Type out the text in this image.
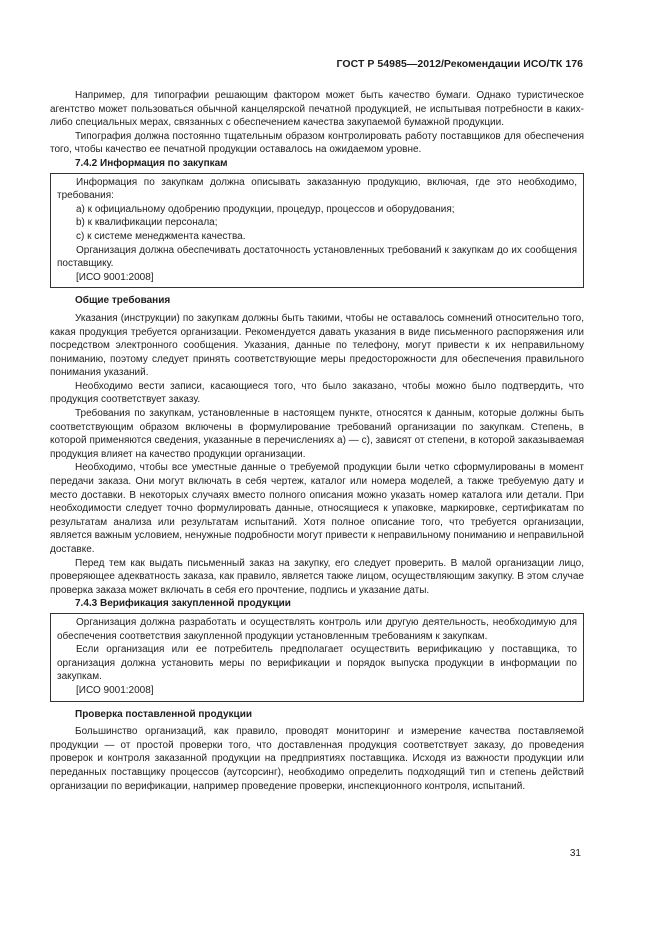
ГОСТ Р 54985—2012/Рекомендации ИСО/ТК 176

Например, для типографии решающим фактором может быть качество бумаги. Однако туристическое агентство может пользоваться обычной канцелярской печатной продукцией, не испытывая потребности в каких-либо специальных мерах, связанных с обеспечением качества закупаемой бумажной продукции.

Типография должна постоянно тщательным образом контролировать работу поставщиков для обеспечения того, чтобы качество ее печатной продукции оставалось на ожидаемом уровне.

7.4.2 Информация по закупкам

Информация по закупкам должна описывать заказанную продукцию, включая, где это необходимо, требования:

a) к официальному одобрению продукции, процедур, процессов и оборудования;

b) к квалификации персонала;

c) к системе менеджмента качества.

Организация должна обеспечивать достаточность установленных требований к закупкам до их сообщения поставщику.

[ИСО 9001:2008]

Общие требования

Указания (инструкции) по закупкам должны быть такими, чтобы не оставалось сомнений относительно того, какая продукция требуется организации. Рекомендуется давать указания в виде письменного распоряжения или посредством электронного сообщения. Указания, данные по телефону, могут привести к их неправильному пониманию, поэтому следует принять соответствующие меры предосторожности для обеспечения правильного понимания указаний.

Необходимо вести записи, касающиеся того, что было заказано, чтобы можно было подтвердить, что продукция соответствует заказу.

Требования по закупкам, установленные в настоящем пункте, относятся к данным, которые должны быть соответствующим образом включены в формулирование требований организации по закупкам. Степень, в которой применяются сведения, указанные в перечислениях а) — с), зависят от степени, в которой заказываемая продукция влияет на качество продукции организации.

Необходимо, чтобы все уместные данные о требуемой продукции были четко сформулированы в момент передачи заказа. Они могут включать в себя чертеж, каталог или номера моделей, а также требуемую дату и место доставки. В некоторых случаях вместо полного описания можно указать номер каталога или детали. При необходимости следует точно формулировать данные, относящиеся к упаковке, маркировке, сертификатам по результатам анализа или результатам испытаний. Хотя полное описание того, что требуется организации, является важным условием, ненужные подробности могут привести к неправильному пониманию и неправильной доставке.

Перед тем как выдать письменный заказ на закупку, его следует проверить. В малой организации лицо, проверяющее адекватность заказа, как правило, является также лицом, осуществляющим закупку. В этом случае проверка заказа может включать в себя его прочтение, подпись и указание даты.

7.4.3 Верификация закупленной продукции

Организация должна разработать и осуществлять контроль или другую деятельность, необходимую для обеспечения соответствия закупленной продукции установленным требованиям к закупкам.

Если организация или ее потребитель предполагает осуществить верификацию у поставщика, то организация должна установить меры по верификации и порядок выпуска продукции в информации по закупкам.

[ИСО 9001:2008]

Проверка поставленной продукции

Большинство организаций, как правило, проводят мониторинг и измерение качества поставляемой продукции — от простой проверки того, что доставленная продукция соответствует заказу, до проведения проверок и контроля заказанной продукции на предприятиях поставщика. Исходя из важности продукции или переданных поставщику процессов (аутсорсинг), необходимо определить подходящий тип и степень действий организации по верификации, например проведение проверки, инспекционного контроля, испытаний.

31
